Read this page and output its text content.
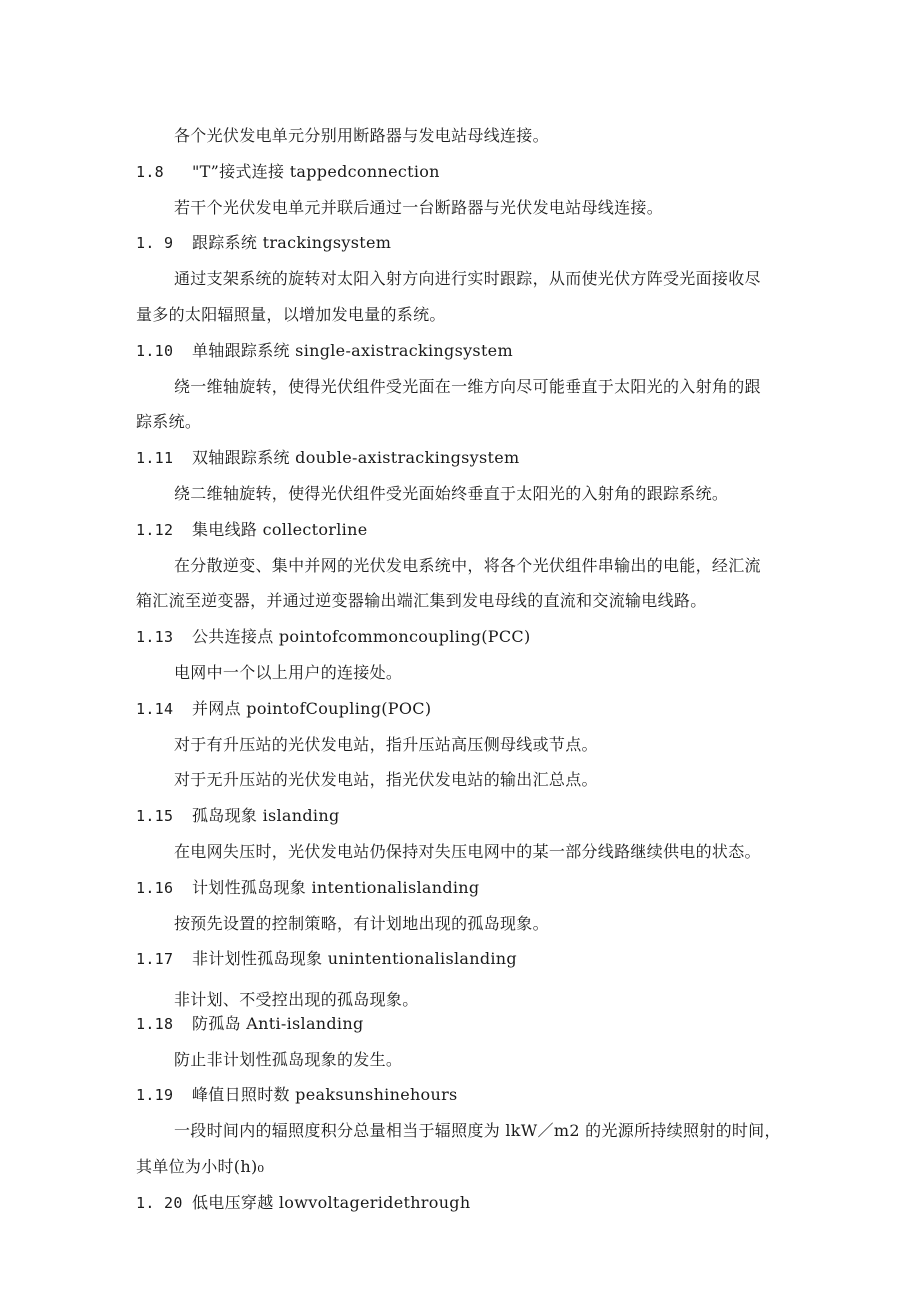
各个光伏发电单元分别用断路器与发电站母线连接。
1.8 "T”接式连接 tappedconnection
若干个光伏发电单元并联后通过一台断路器与光伏发电站母线连接。
1. 9 跟踪系统 trackingsystem
通过支架系统的旋转对太阳入射方向进行实时跟踪，从而使光伏方阵受光面接收尽
量多的太阳辐照量，以增加发电量的系统。
1.10 单轴跟踪系统 single-axistrackingsystem
绕一维轴旋转，使得光伏组件受光面在一维方向尽可能垂直于太阳光的入射角的跟
踪系统。
1.11 双轴跟踪系统 double-axistrackingsystem
绕二维轴旋转，使得光伏组件受光面始终垂直于太阳光的入射角的跟踪系统。
1.12 集电线路 collectorline
在分散逆变、集中并网的光伏发电系统中，将各个光伏组件串输出的电能，经汇流
箱汇流至逆变器，并通过逆变器输出端汇集到发电母线的直流和交流输电线路。
1.13 公共连接点 pointofcommoncoupling(PCC)
电网中一个以上用户的连接处。
1.14 并网点 pointofCoupling(POC)
对于有升压站的光伏发电站，指升压站高压侧母线或节点。
对于无升压站的光伏发电站，指光伏发电站的输出汇总点。
1.15 孤岛现象 islanding
在电网失压时，光伏发电站仍保持对失压电网中的某一部分线路继续供电的状态。
1.16 计划性孤岛现象 intentionalislanding
按预先设置的控制策略，有计划地出现的孤岛现象。
1.17 非计划性孤岛现象 unintentionalislanding
非计划、不受控出现的孤岛现象。
1.18 防孤岛 Anti-islanding
防止非计划性孤岛现象的发生。
1.19 峰值日照时数 peaksunshinehours
一段时间内的辐照度积分总量相当于辐照度为 lkW／m2 的光源所持续照射的时间，
其单位为小时(h)₀
1. 20 低电压穿越 lowvoltageridethrough
